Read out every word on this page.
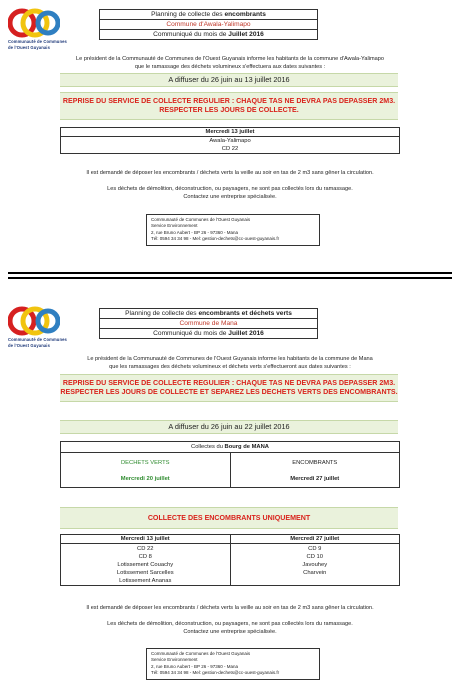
Communauté de Communes
de l'Ouest Guyanais
Planning de collecte des encombrants
Commune d'Awala-Yalimapo
Communiqué du mois de Juillet 2016
Le président de la Communauté de Communes de l'Ouest Guyanais informe les habitants de la commune d'Awala-Yalimapo
que le ramassage des déchets volumineux s'effectuera aux dates suivantes :
A diffuser du 26 juin au 13 juillet 2016
REPRISE DU SERVICE DE COLLECTE REGULIER : CHAQUE TAS NE DEVRA PAS DEPASSER 2M3.
RESPECTER LES JOURS DE COLLECTE.
Mercredi 13 juillet
Awala-Yalimapo
CD 22
Il est demandé de déposer les encombrants / déchets verts la veille au soir en tas de 2 m3 sans gêner la circulation.
Les déchets de démolition, déconstruction, ou paysagers, ne sont pas collectés lors du ramassage.
Contactez une entreprise spécialisée.
Communauté de Communes de l'Ouest Guyanais
Service Environnement
2, rue Bruno Aubert - BP 26 - 97360 - Mana
Tél: 0594 34 34 98 - Mel: gestion-dechets@cc-ouest-guyanais.fr
Communauté de Communes
de l'Ouest Guyanais
Planning de collecte des encombrants et déchets verts
Commune de Mana
Communiqué du mois de Juillet 2016
Le président de la Communauté de Communes de l'Ouest Guyanais informe les habitants de la commune de Mana
que les ramassages des déchets volumineux et déchets verts s'effectueront aux dates suivantes :
REPRISE DU SERVICE DE COLLECTE REGULIER : CHAQUE TAS NE DEVRA PAS DEPASSER 2M3.
RESPECTER LES JOURS DE COLLECTE ET SEPAREZ LES DECHETS VERTS DES ENCOMBRANTS.
A diffuser du 26 juin au 22 juillet 2016
Collectes du Bourg de MANA
DECHETS VERTS
Mercredi 20 juillet
ENCOMBRANTS
Mercredi 27 juillet
COLLECTE DES ENCOMBRANTS UNIQUEMENT
Mercredi 13 juillet
CD 22
CD 8
Lotissement Couachy
Lotissement Sarcelles
Lotissement Ananas
Mercredi 27 juillet
CD 9
CD 10
Javouhey
Charvein
Il est demandé de déposer les encombrants / déchets verts la veille au soir en tas de 2 m3 sans gêner la circulation.
Les déchets de démolition, déconstruction, ou paysagers, ne sont pas collectés lors du ramassage.
Contactez une entreprise spécialisée.
Communauté de Communes de l'Ouest Guyanais
Service Environnement
2, rue Bruno Aubert - BP 26 - 97360 - Mana
Tél: 0594 34 34 98 - Mel: gestion-dechets@cc-ouest-guyanais.fr
